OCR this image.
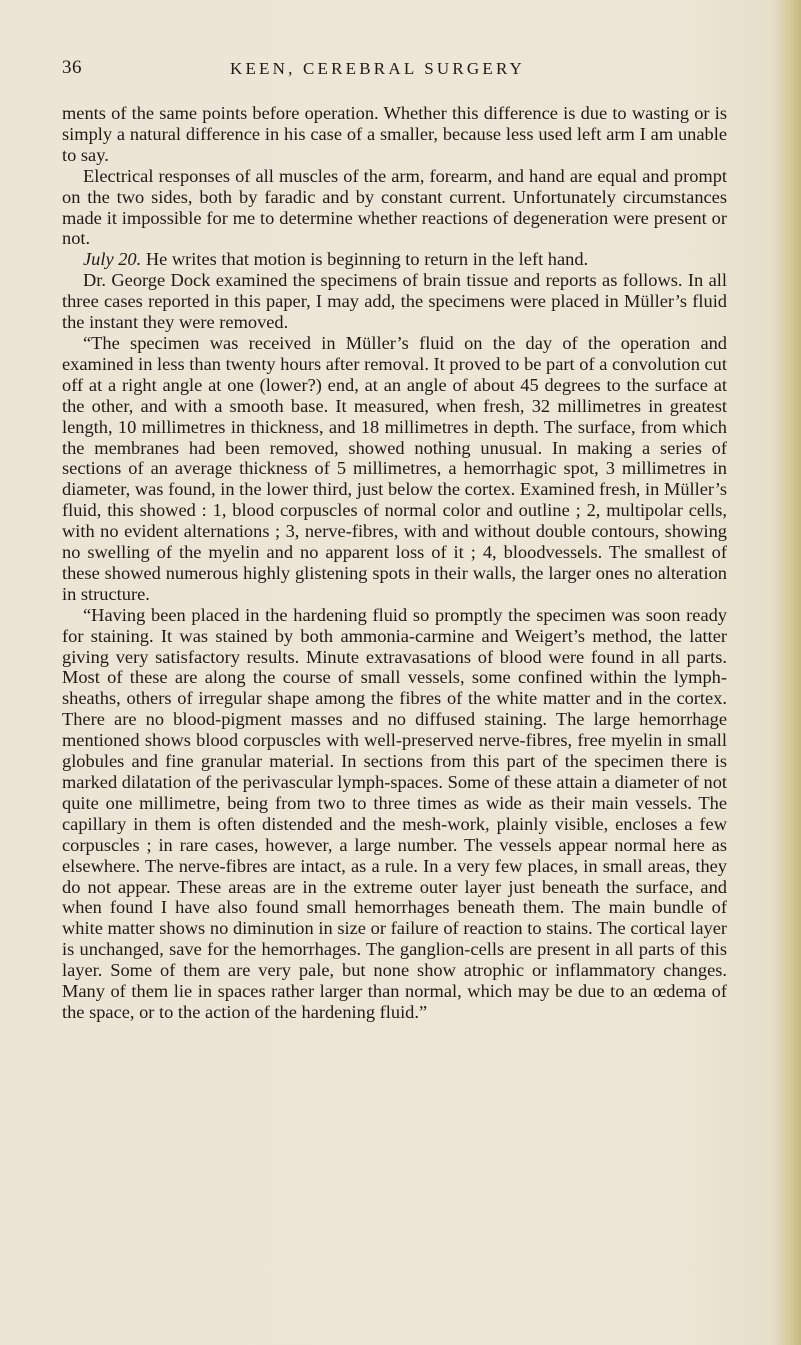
36	KEEN, CEREBRAL SURGERY

ments of the same points before operation. Whether this difference is due to wasting or is simply a natural difference in his case of a smaller, because less used left arm I am unable to say.

Electrical responses of all muscles of the arm, forearm, and hand are equal and prompt on the two sides, both by faradic and by constant current. Unfortunately circumstances made it impossible for me to determine whether reactions of degeneration were present or not.

July 20. He writes that motion is beginning to return in the left hand.

Dr. George Dock examined the specimens of brain tissue and reports as follows. In all three cases reported in this paper, I may add, the specimens were placed in Müller’s fluid the instant they were removed.

“The specimen was received in Müller’s fluid on the day of the operation and examined in less than twenty hours after removal. It proved to be part of a convolution cut off at a right angle at one (lower?) end, at an angle of about 45 degrees to the surface at the other, and with a smooth base. It measured, when fresh, 32 millimetres in greatest length, 10 millimetres in thickness, and 18 millimetres in depth. The surface, from which the membranes had been removed, showed nothing unusual. In making a series of sections of an average thickness of 5 millimetres, a hemorrhagic spot, 3 millimetres in diameter, was found, in the lower third, just below the cortex. Examined fresh, in Müller’s fluid, this showed : 1, blood corpuscles of normal color and outline ; 2, multipolar cells, with no evident alternations ; 3, nerve-fibres, with and without double contours, showing no swelling of the myelin and no apparent loss of it ; 4, bloodvessels. The smallest of these showed numerous highly glistening spots in their walls, the larger ones no alteration in structure.

“Having been placed in the hardening fluid so promptly the specimen was soon ready for staining. It was stained by both ammonia-carmine and Weigert’s method, the latter giving very satisfactory results. Minute extravasations of blood were found in all parts. Most of these are along the course of small vessels, some confined within the lymph-sheaths, others of irregular shape among the fibres of the white matter and in the cortex. There are no blood-pigment masses and no diffused staining. The large hemorrhage mentioned shows blood corpuscles with well-preserved nerve-fibres, free myelin in small globules and fine granular material. In sections from this part of the specimen there is marked dilatation of the perivascular lymph-spaces. Some of these attain a diameter of not quite one millimetre, being from two to three times as wide as their main vessels. The capillary in them is often distended and the mesh-work, plainly visible, encloses a few corpuscles ; in rare cases, however, a large number. The vessels appear normal here as elsewhere. The nerve-fibres are intact, as a rule. In a very few places, in small areas, they do not appear. These areas are in the extreme outer layer just beneath the surface, and when found I have also found small hemorrhages beneath them. The main bundle of white matter shows no diminution in size or failure of reaction to stains. The cortical layer is unchanged, save for the hemorrhages. The ganglion-cells are present in all parts of this layer. Some of them are very pale, but none show atrophic or inflammatory changes. Many of them lie in spaces rather larger than normal, which may be due to an œdema of the space, or to the action of the hardening fluid.”
